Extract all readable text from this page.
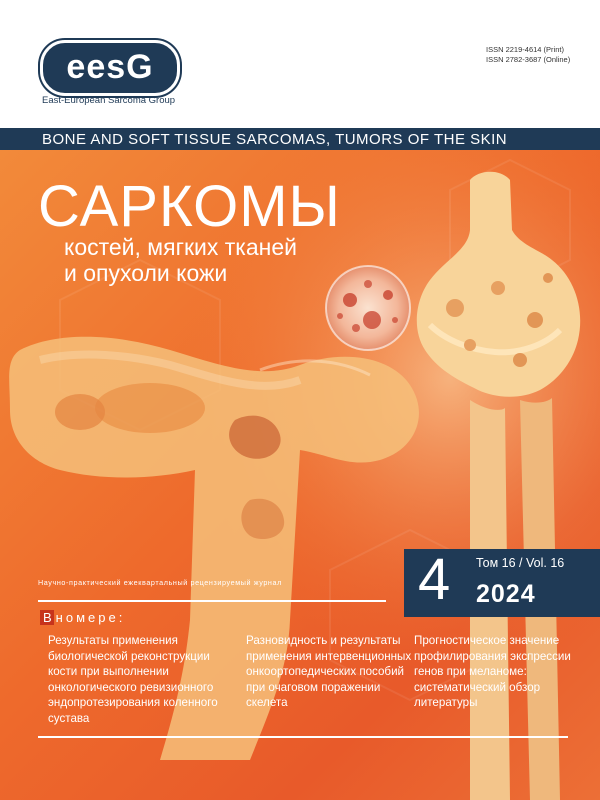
eesG
East-European Sarcoma Group
ISSN 2219-4614 (Print)
ISSN 2782-3687 (Online)
BONE AND SOFT TISSUE SARCOMAS, TUMORS OF THE SKIN
САРКОМЫ
костей, мягких тканей
и опухоли кожи
Научно-практический ежеквартальный рецензируемый журнал 4 Том 16 / Vol. 16
2024
В номере:
Результаты применения биологической реконструкции кости при выполнении онкологического ревизионного эндопротезирования коленного сустава
Разновидность и результаты применения интервенционных онкоортопедических пособий при очаговом поражении скелета
Прогностическое значение профилирования экспрессии генов при меланоме: систематический обзор литературы
